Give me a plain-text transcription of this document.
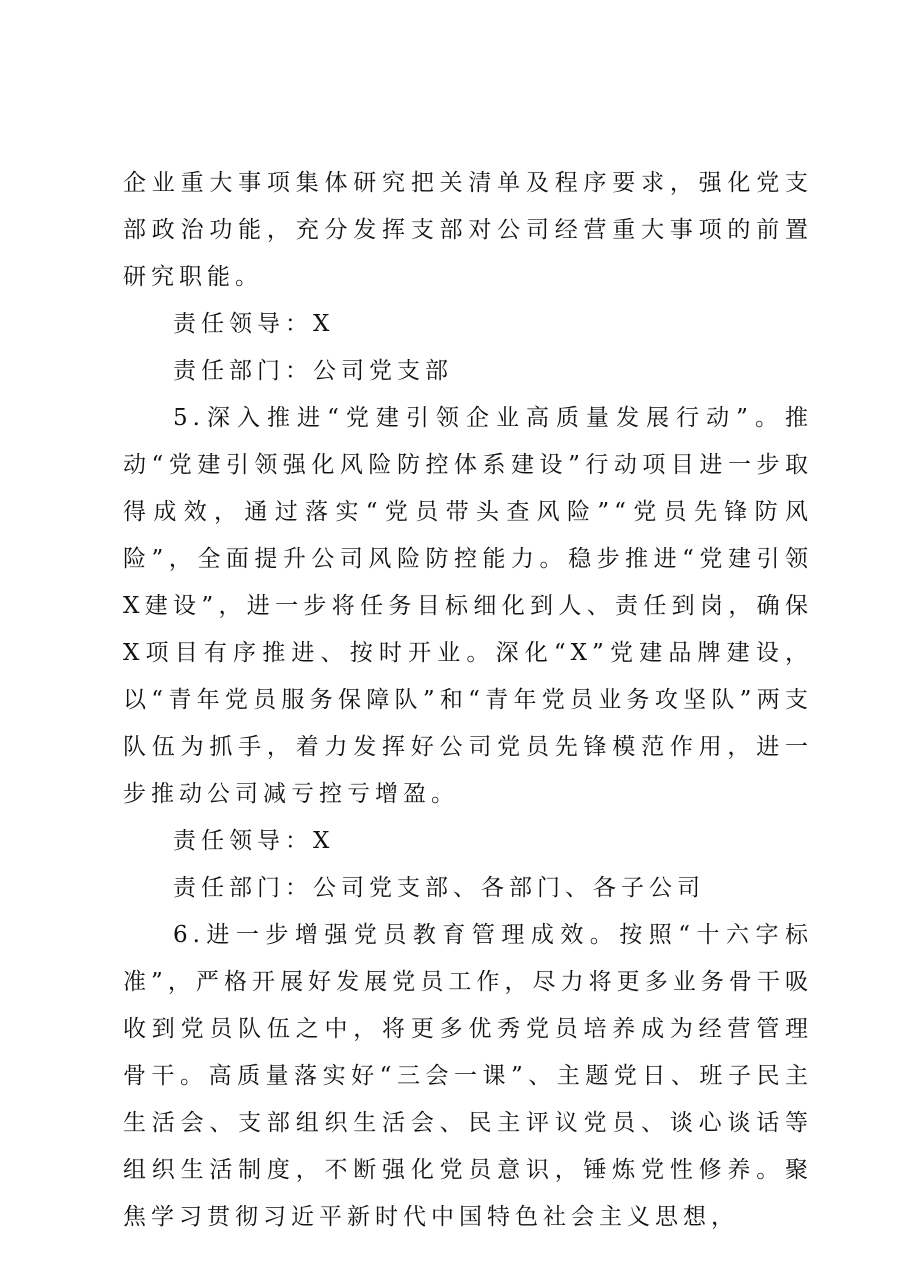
企业重大事项集体研究把关清单及程序要求，强化党支部政治功能，充分发挥支部对公司经营重大事项的前置研究职能。

责任领导：X

责任部门：公司党支部

5.深入推进“党建引领企业高质量发展行动”。推动“党建引领强化风险防控体系建设”行动项目进一步取得成效，通过落实“党员带头查风险”“党员先锋防风险”，全面提升公司风险防控能力。稳步推进“党建引领X建设”，进一步将任务目标细化到人、责任到岗，确保X项目有序推进、按时开业。深化“X”党建品牌建设，以“青年党员服务保障队”和“青年党员业务攻坚队”两支队伍为抓手，着力发挥好公司党员先锋模范作用，进一步推动公司减亏控亏增盈。

责任领导：X

责任部门：公司党支部、各部门、各子公司

6.进一步增强党员教育管理成效。按照“十六字标准”，严格开展好发展党员工作，尽力将更多业务骨干吸收到党员队伍之中，将更多优秀党员培养成为经营管理骨干。高质量落实好“三会一课”、主题党日、班子民主生活会、支部组织生活会、民主评议党员、谈心谈话等组织生活制度，不断强化党员意识，锤炼党性修养。聚焦学习贯彻习近平新时代中国特色社会主义思想，
